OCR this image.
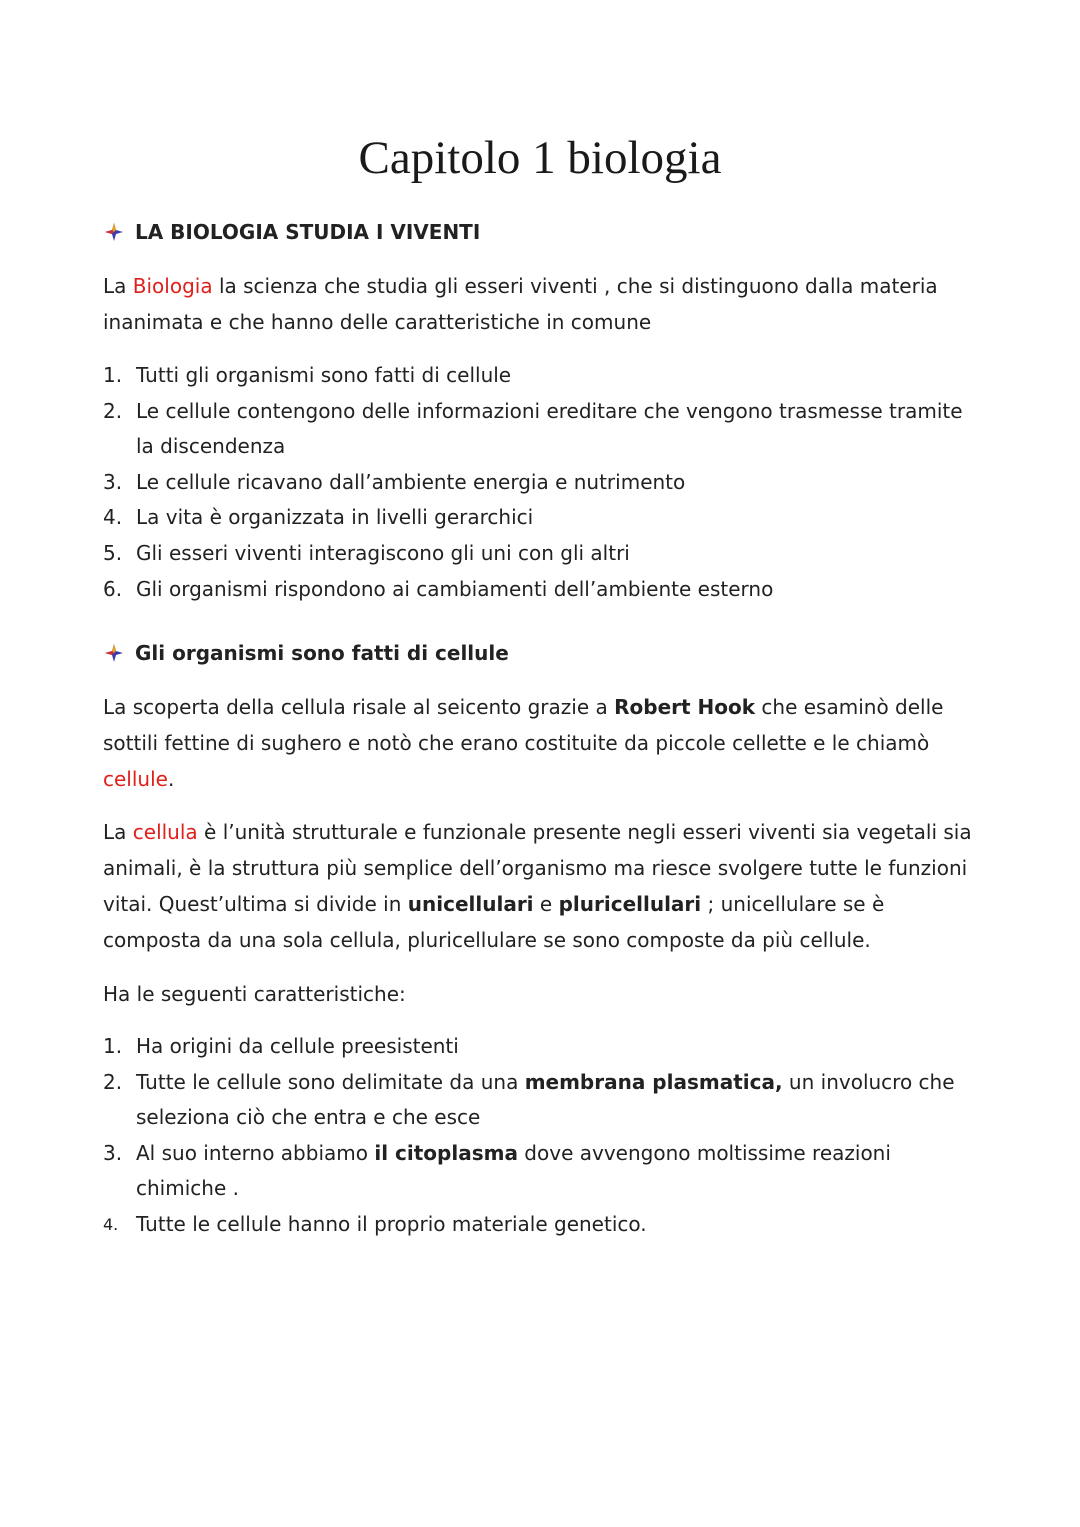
Capitolo 1 biologia
LA BIOLOGIA STUDIA I VIVENTI
La Biologia la scienza che studia gli esseri viventi , che si distinguono dalla materia inanimata e che hanno delle caratteristiche in comune
1. Tutti gli organismi sono fatti di cellule
2. Le cellule contengono delle informazioni ereditare che vengono trasmesse tramite la discendenza
3. Le cellule ricavano dall’ambiente energia e nutrimento
4. La vita è organizzata in livelli gerarchici
5. Gli esseri viventi interagiscono gli uni con gli altri
6. Gli organismi rispondono ai cambiamenti dell’ambiente esterno
Gli organismi sono fatti di cellule
La scoperta della cellula risale al seicento grazie a Robert Hook che esaminò delle sottili fettine di sughero e notò che erano costituite da piccole cellette e le chiamò cellule.
La cellula è l’unità strutturale e funzionale presente negli esseri viventi sia vegetali sia animali, è la struttura più semplice dell’organismo ma riesce svolgere tutte le funzioni vitai. Quest’ultima si divide in unicellulari e pluricellulari ; unicellulare se è composta da una sola cellula, pluricellulare se sono composte da più cellule.
Ha le seguenti caratteristiche:
1. Ha origini da cellule preesistenti
2. Tutte le cellule sono delimitate da una membrana plasmatica, un involucro che seleziona ciò che entra e che esce
3. Al suo interno abbiamo il citoplasma dove avvengono moltissime reazioni chimiche .
4. Tutte le cellule hanno il proprio materiale genetico.
